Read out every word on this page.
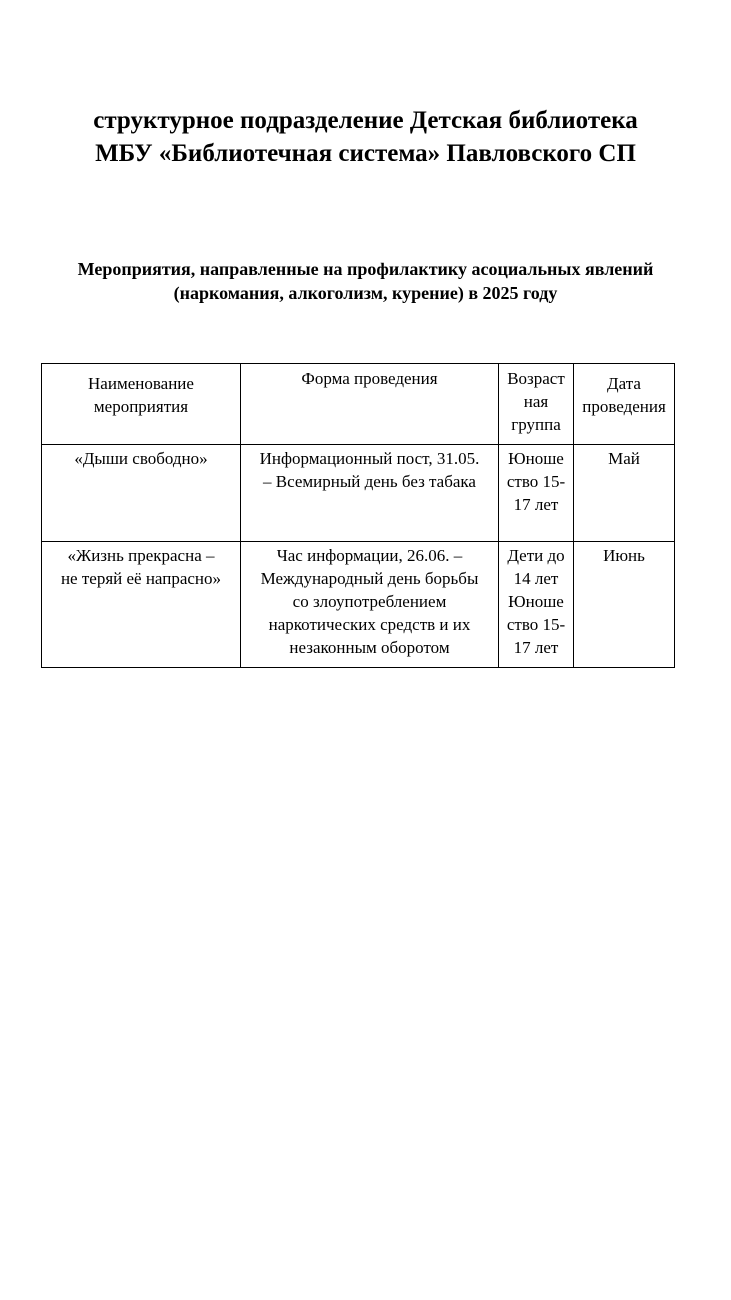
структурное подразделение Детская библиотека
МБУ «Библиотечная система» Павловского СП
Мероприятия, направленные на профилактику асоциальных явлений
(наркомания, алкоголизм, курение) в 2025 году
Наименование
мероприятия	Форма проведения	Возраст
ная
группа	Дата
проведения

«Дыши свободно»	Информационный пост, 31.05.
– Всемирный день без табака	Юноше
ство 15-
17 лет	Май

«Жизнь прекрасна –
не теряй её напрасно»	Час информации, 26.06. –
Международный день борьбы
со злоупотреблением
наркотических средств и их
незаконным оборотом	Дети до
14 лет
Юноше
ство 15-
17 лет	Июнь
